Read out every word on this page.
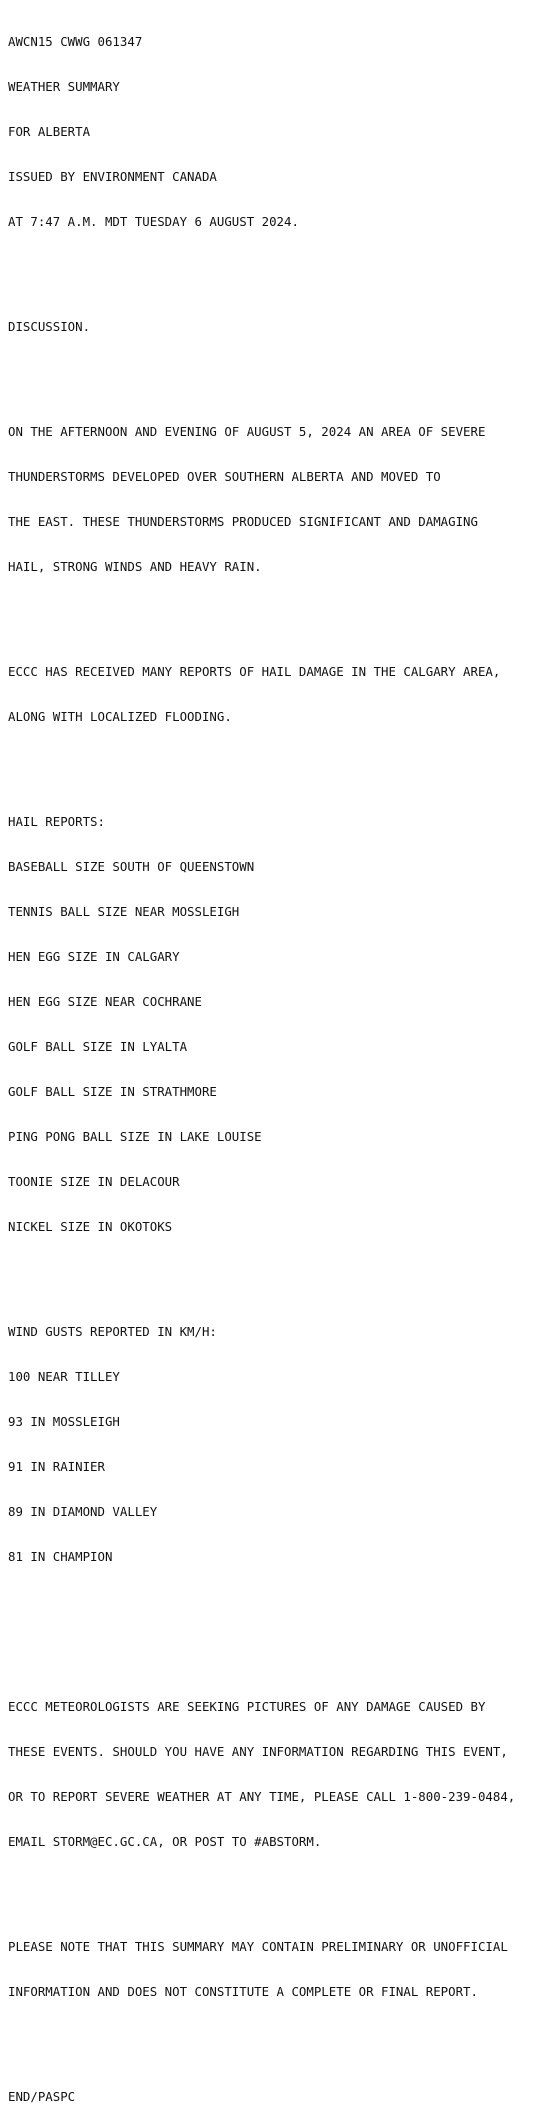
AWCN15 CWWG 061347

WEATHER SUMMARY

FOR ALBERTA

ISSUED BY ENVIRONMENT CANADA

AT 7:47 A.M. MDT TUESDAY 6 AUGUST 2024.

DISCUSSION.

ON THE AFTERNOON AND EVENING OF AUGUST 5, 2024 AN AREA OF SEVERE

THUNDERSTORMS DEVELOPED OVER SOUTHERN ALBERTA AND MOVED TO

THE EAST. THESE THUNDERSTORMS PRODUCED SIGNIFICANT AND DAMAGING

HAIL, STRONG WINDS AND HEAVY RAIN.

ECCC HAS RECEIVED MANY REPORTS OF HAIL DAMAGE IN THE CALGARY AREA,

ALONG WITH LOCALIZED FLOODING.

HAIL REPORTS:

BASEBALL SIZE SOUTH OF QUEENSTOWN

TENNIS BALL SIZE NEAR MOSSLEIGH

HEN EGG SIZE IN CALGARY

HEN EGG SIZE NEAR COCHRANE

GOLF BALL SIZE IN LYALTA

GOLF BALL SIZE IN STRATHMORE

PING PONG BALL SIZE IN LAKE LOUISE

TOONIE SIZE IN DELACOUR

NICKEL SIZE IN OKOTOKS

WIND GUSTS REPORTED IN KM/H:

100 NEAR TILLEY

93 IN MOSSLEIGH

91 IN RAINIER

89 IN DIAMOND VALLEY

81 IN CHAMPION

ECCC METEOROLOGISTS ARE SEEKING PICTURES OF ANY DAMAGE CAUSED BY

THESE EVENTS. SHOULD YOU HAVE ANY INFORMATION REGARDING THIS EVENT,

OR TO REPORT SEVERE WEATHER AT ANY TIME, PLEASE CALL 1-800-239-0484,

EMAIL STORM@EC.GC.CA, OR POST TO #ABSTORM.

PLEASE NOTE THAT THIS SUMMARY MAY CONTAIN PRELIMINARY OR UNOFFICIAL

INFORMATION AND DOES NOT CONSTITUTE A COMPLETE OR FINAL REPORT.

END/PASPC
